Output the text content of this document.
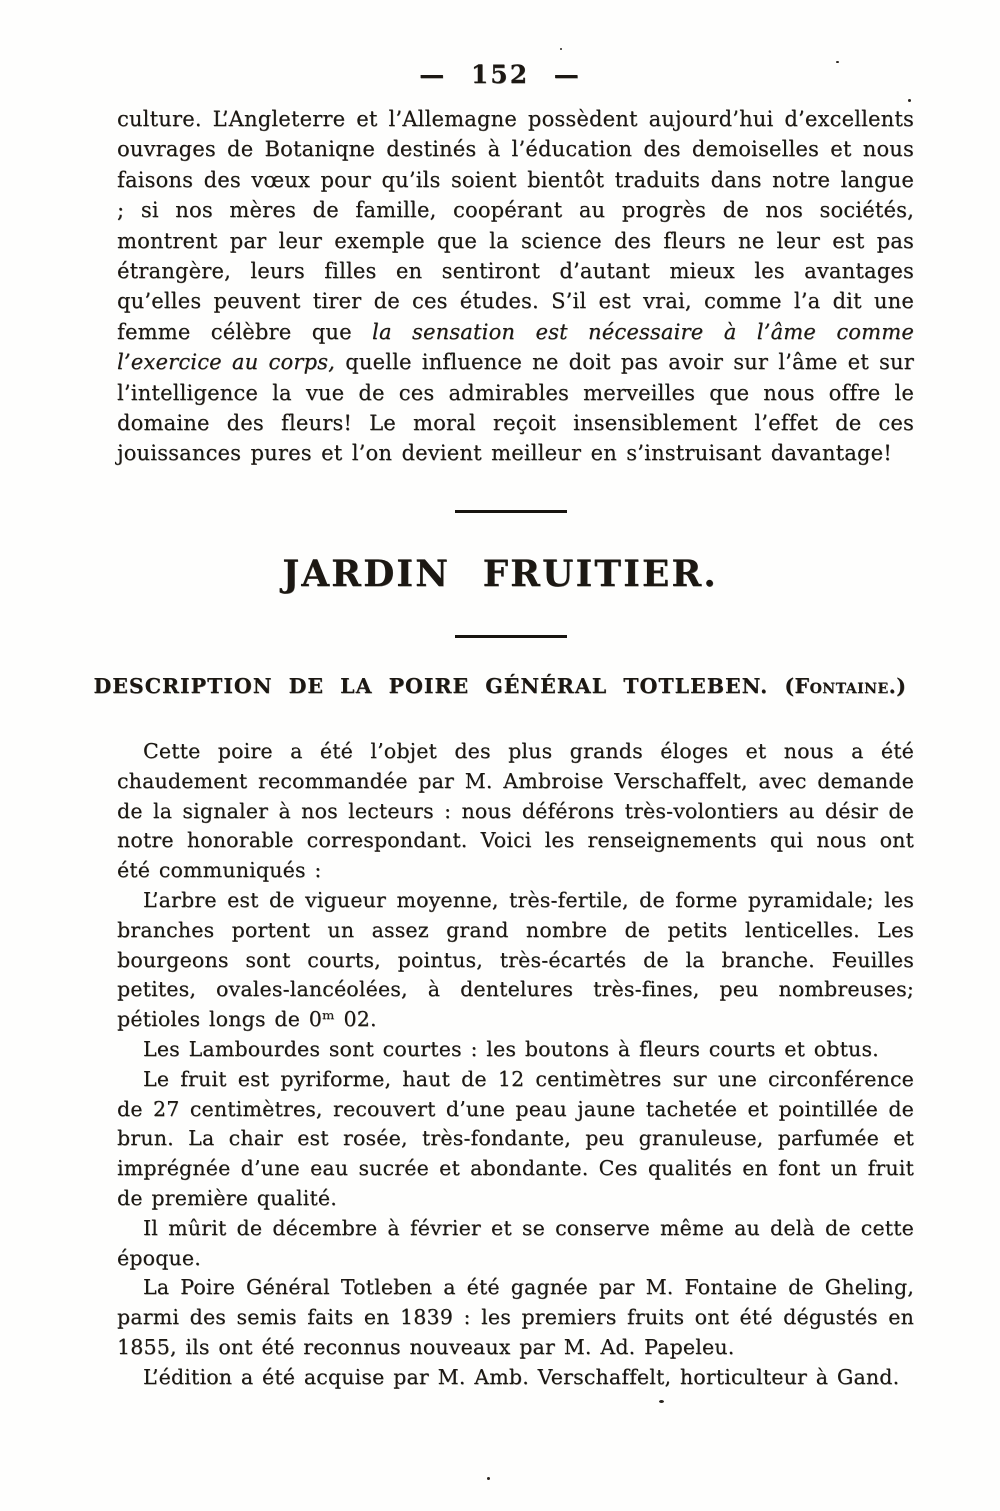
— 152 —

culture. L’Angleterre et l’Allemagne possèdent aujourd’hui d’excellents ouvrages de Botaniqne destinés à l’éducation des demoiselles et nous faisons des vœux pour qu’ils soient bientôt traduits dans notre langue ; si nos mères de famille, coopérant au progrès de nos sociétés, montrent par leur exemple que la science des fleurs ne leur est pas étrangère, leurs filles en sentiront d’autant mieux les avantages qu’elles peuvent tirer de ces études. S’il est vrai, comme l’a dit une femme célèbre que la sensation est nécessaire à l’âme comme l’exercice au corps, quelle influence ne doit pas avoir sur l’âme et sur l’intelligence la vue de ces admirables merveilles que nous offre le domaine des fleurs! Le moral reçoit insensiblement l’effet de ces jouissances pures et l’on devient meilleur en s’instruisant davantage!

JARDIN FRUITIER.
DESCRIPTION DE LA POIRE GÉNÉRAL TOTLEBEN. (Fontaine.)

Cette poire a été l’objet des plus grands éloges et nous a été chaudement recommandée par M. Ambroise Verschaffelt, avec demande de la signaler à nos lecteurs : nous déférons très-volontiers au désir de notre honorable correspondant. Voici les renseignements qui nous ont été communiqués :

L’arbre est de vigueur moyenne, très-fertile, de forme pyramidale; les branches portent un assez grand nombre de petits lenticelles. Les bourgeons sont courts, pointus, très-écartés de la branche. Feuilles petites, ovales-lancéolées, à dentelures très-fines, peu nombreuses; pétioles longs de 0ᵐ 02.

Les Lambourdes sont courtes : les boutons à fleurs courts et obtus.

Le fruit est pyriforme, haut de 12 centimètres sur une circonférence de 27 centimètres, recouvert d’une peau jaune tachetée et pointillée de brun. La chair est rosée, très-fondante, peu granuleuse, parfumée et imprégnée d’une eau sucrée et abondante. Ces qualités en font un fruit de première qualité.

Il mûrit de décembre à février et se conserve même au delà de cette époque.

La Poire Général Totleben a été gagnée par M. Fontaine de Gheling, parmi des semis faits en 1839 : les premiers fruits ont été dégustés en 1855, ils ont été reconnus nouveaux par M. Ad. Papeleu.

L’édition a été acquise par M. Amb. Verschaffelt, horticulteur à Gand.
